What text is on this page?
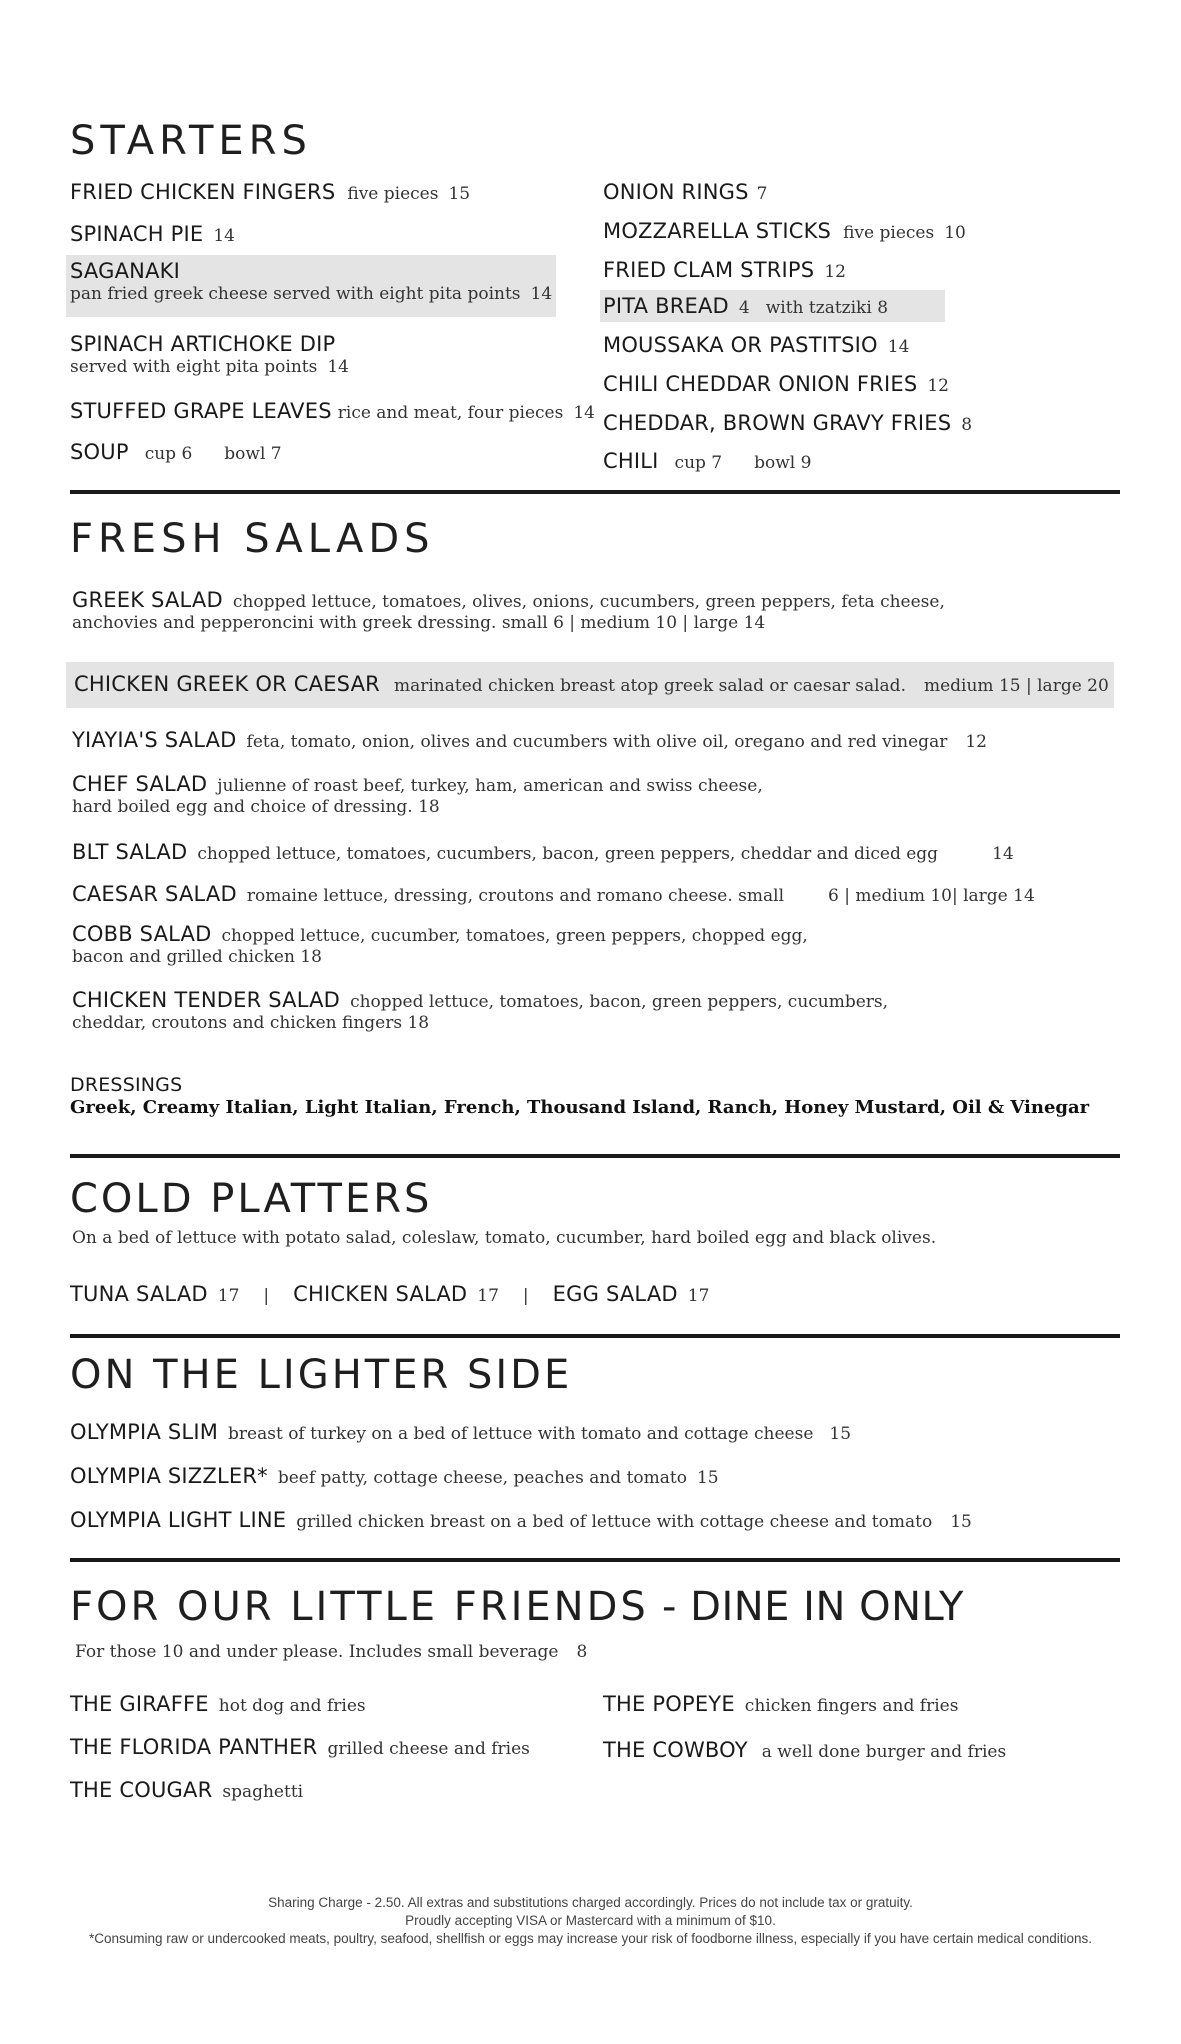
STARTERS
FRIED CHICKEN FINGERS five pieces 15
SPINACH PIE 14
SAGANAKI
pan fried greek cheese served with eight pita points 14
SPINACH ARTICHOKE DIP
served with eight pita points 14
STUFFED GRAPE LEAVES rice and meat, four pieces 14
SOUP cup 6 bowl 7
ONION RINGS 7
MOZZARELLA STICKS five pieces 10
FRIED CLAM STRIPS 12
PITA BREAD 4 with tzatziki 8
MOUSSAKA OR PASTITSIO 14
CHILI CHEDDAR ONION FRIES 12
CHEDDAR, BROWN GRAVY FRIES 8
CHILI cup 7 bowl 9
FRESH SALADS
GREEK SALAD chopped lettuce, tomatoes, olives, onions, cucumbers, green peppers, feta cheese,
anchovies and pepperoncini with greek dressing. small 6 | medium 10 | large 14
CHICKEN GREEK OR CAESAR marinated chicken breast atop greek salad or caesar salad. medium 15 | large 20
YIAYIA'S SALAD feta, tomato, onion, olives and cucumbers with olive oil, oregano and red vinegar 12
CHEF SALAD julienne of roast beef, turkey, ham, american and swiss cheese,
hard boiled egg and choice of dressing. 18
BLT SALAD chopped lettuce, tomatoes, cucumbers, bacon, green peppers, cheddar and diced egg	14
CAESAR SALAD romaine lettuce, dressing, croutons and romano cheese. small	6 | medium 10| large 14
COBB SALAD chopped lettuce, cucumber, tomatoes, green peppers, chopped egg,
bacon and grilled chicken 18
CHICKEN TENDER SALAD chopped lettuce, tomatoes, bacon, green peppers, cucumbers,
cheddar, croutons and chicken fingers 18
DRESSINGS
Greek, Creamy Italian, Light Italian, French, Thousand Island, Ranch, Honey Mustard, Oil & Vinegar
COLD PLATTERS
On a bed of lettuce with potato salad, coleslaw, tomato, cucumber, hard boiled egg and black olives.
TUNA SALAD 17 | CHICKEN SALAD 17 | EGG SALAD 17
ON THE LIGHTER SIDE
OLYMPIA SLIM breast of turkey on a bed of lettuce with tomato and cottage cheese 15
OLYMPIA SIZZLER* beef patty, cottage cheese, peaches and tomato 15
OLYMPIA LIGHT LINE grilled chicken breast on a bed of lettuce with cottage cheese and tomato 15
FOR OUR LITTLE FRIENDS - DINE IN ONLY
For those 10 and under please. Includes small beverage 8
THE GIRAFFE hot dog and fries
THE FLORIDA PANTHER grilled cheese and fries
THE COUGAR spaghetti
THE POPEYE chicken fingers and fries
THE COWBOY a well done burger and fries
Sharing Charge - 2.50. All extras and substitutions charged accordingly. Prices do not include tax or gratuity.
Proudly accepting VISA or Mastercard with a minimum of $10.
*Consuming raw or undercooked meats, poultry, seafood, shellfish or eggs may increase your risk of foodborne illness, especially if you have certain medical conditions.
